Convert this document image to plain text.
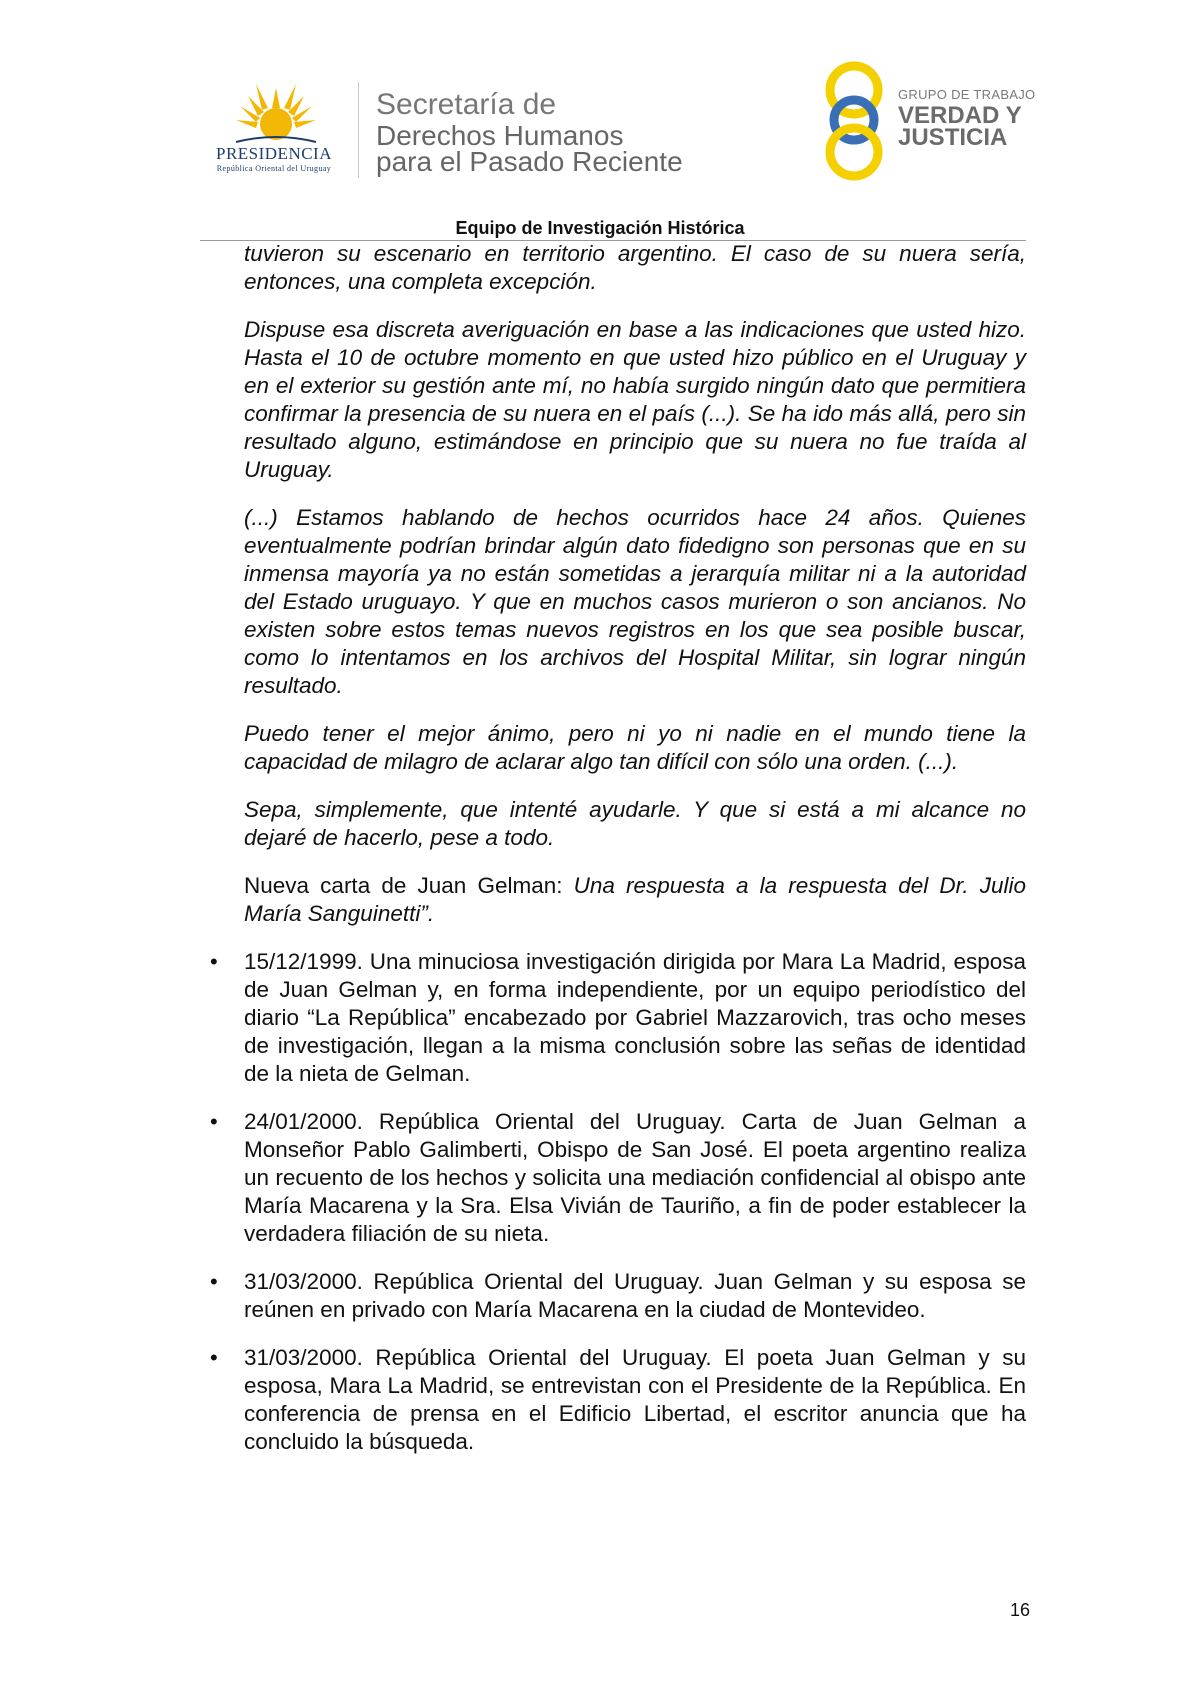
PRESIDENCIA
República Oriental del Uruguay
Secretaría de
Derechos Humanos
para el Pasado Reciente
GRUPO DE TRABAJO
VERDAD Y
JUSTICIA
Equipo de Investigación Histórica

tuvieron su escenario en territorio argentino. El caso de su nuera sería, entonces, una completa excepción.

Dispuse esa discreta averiguación en base a las indicaciones que usted hizo. Hasta el 10 de octubre momento en que usted hizo público en el Uruguay y en el exterior su gestión ante mí, no había surgido ningún dato que permitiera confirmar la presencia de su nuera en el país (...). Se ha ido más allá, pero sin resultado alguno, estimándose en principio que su nuera no fue traída al Uruguay.

(...) Estamos hablando de hechos ocurridos hace 24 años. Quienes eventualmente podrían brindar algún dato fidedigno son personas que en su inmensa mayoría ya no están sometidas a jerarquía militar ni a la autoridad del Estado uruguayo. Y que en muchos casos murieron o son ancianos. No existen sobre estos temas nuevos registros en los que sea posible buscar, como lo intentamos en los archivos del Hospital Militar, sin lograr ningún resultado.

Puedo tener el mejor ánimo, pero ni yo ni nadie en el mundo tiene la capacidad de milagro de aclarar algo tan difícil con sólo una orden. (...).

Sepa, simplemente, que intenté ayudarle. Y que si está a mi alcance no dejaré de hacerlo, pese a todo.

Nueva carta de Juan Gelman: Una respuesta a la respuesta del Dr. Julio María Sanguinetti”.

• 15/12/1999. Una minuciosa investigación dirigida por Mara La Madrid, esposa de Juan Gelman y, en forma independiente, por un equipo periodístico del diario “La República” encabezado por Gabriel Mazzarovich, tras ocho meses de investigación, llegan a la misma conclusión sobre las señas de identidad de la nieta de Gelman.
• 24/01/2000. República Oriental del Uruguay. Carta de Juan Gelman a Monseñor Pablo Galimberti, Obispo de San José. El poeta argentino realiza un recuento de los hechos y solicita una mediación confidencial al obispo ante María Macarena y la Sra. Elsa Vivián de Tauriño, a fin de poder establecer la verdadera filiación de su nieta.
• 31/03/2000. República Oriental del Uruguay. Juan Gelman y su esposa se reúnen en privado con María Macarena en la ciudad de Montevideo.
• 31/03/2000. República Oriental del Uruguay. El poeta Juan Gelman y su esposa, Mara La Madrid, se entrevistan con el Presidente de la República. En conferencia de prensa en el Edificio Libertad, el escritor anuncia que ha concluido la búsqueda.
16
